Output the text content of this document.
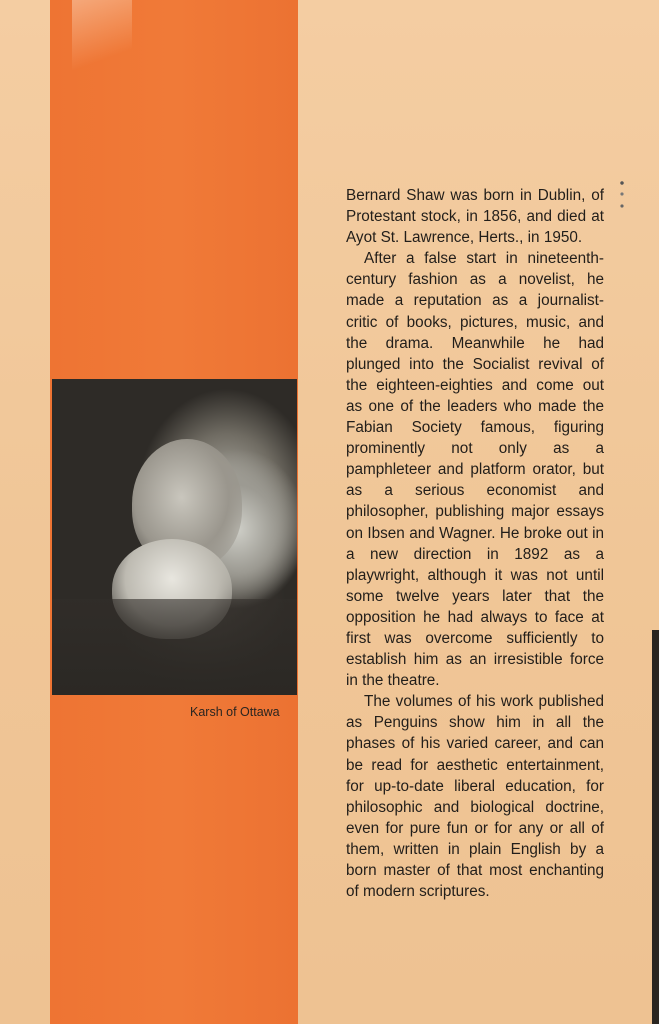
Karsh of Ottawa

Bernard Shaw was born in Dublin, of Protestant stock, in 1856, and died at Ayot St. Lawrence, Herts., in 1950.

After a false start in nineteenth-century fashion as a novelist, he made a reputation as a journalist-critic of books, pictures, music, and the drama. Meanwhile he had plunged into the Socialist revival of the eighteen-eighties and come out as one of the leaders who made the Fabian Society famous, figuring prominently not only as a pamphleteer and platform orator, but as a serious economist and philosopher, publishing major essays on Ibsen and Wagner. He broke out in a new direction in 1892 as a playwright, although it was not until some twelve years later that the opposition he had always to face at first was overcome sufficiently to establish him as an irresistible force in the theatre.

The volumes of his work published as Penguins show him in all the phases of his varied career, and can be read for aesthetic entertainment, for up-to-date liberal education, for philosophic and biological doctrine, even for pure fun or for any or all of them, written in plain English by a born master of that most enchanting of modern scriptures.
